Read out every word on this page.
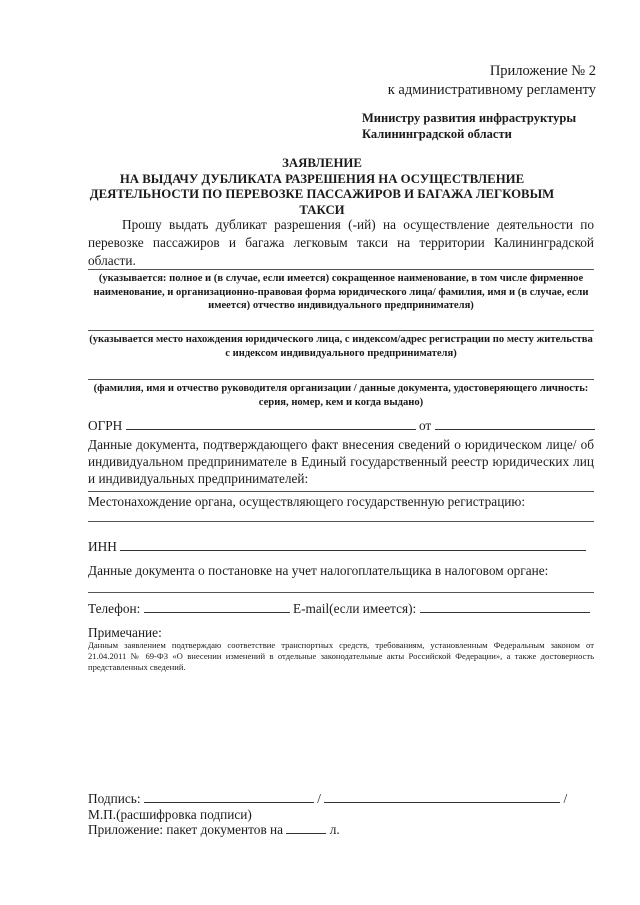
Приложение № 2
к административному регламенту
Министру развития инфраструктуры
Калининградской области
ЗАЯВЛЕНИЕ
НА ВЫДАЧУ ДУБЛИКАТА РАЗРЕШЕНИЯ НА ОСУЩЕСТВЛЕНИЕ
ДЕЯТЕЛЬНОСТИ ПО ПЕРЕВОЗКЕ ПАССАЖИРОВ И БАГАЖА ЛЕГКОВЫМ
ТАКСИ
Прошу выдать дубликат разрешения (-ий) на осуществление деятельности по перевозке пассажиров и багажа легковым такси на территории Калининградской области.
(указывается: полное и (в случае, если имеется) сокращенное наименование, в том числе фирменное наименование, и организационно-правовая форма юридического лица/ фамилия, имя и (в случае, если имеется) отчество индивидуального предпринимателя)
(указывается место нахождения юридического лица, с индексом/адрес регистрации по месту жительства с индексом индивидуального предпринимателя)
(фамилия, имя и отчество руководителя организации / данные документа, удостоверяющего личность: серия, номер, кем и когда выдано)
ОГРН	от
Данные документа, подтверждающего факт внесения сведений о юридическом лице/ об индивидуальном предпринимателе в Единый государственный реестр юридических лиц и индивидуальных предпринимателей:
Местонахождение органа, осуществляющего государственную регистрацию:
ИНН
Данные документа о постановке на учет налогоплательщика в налоговом органе:
Телефон:	E-mail(если имеется):
Примечание:
Данным заявлением подтверждаю соответствие транспортных средств, требованиям, установленным Федеральным законом от 21.04.2011 № 69-ФЗ «О внесении изменений в отдельные законодательные акты Российской Федерации», а также достоверность представленных сведений.
Подпись:	/	/
М.П.(расшифровка подписи)
Приложение: пакет документов на	л.
